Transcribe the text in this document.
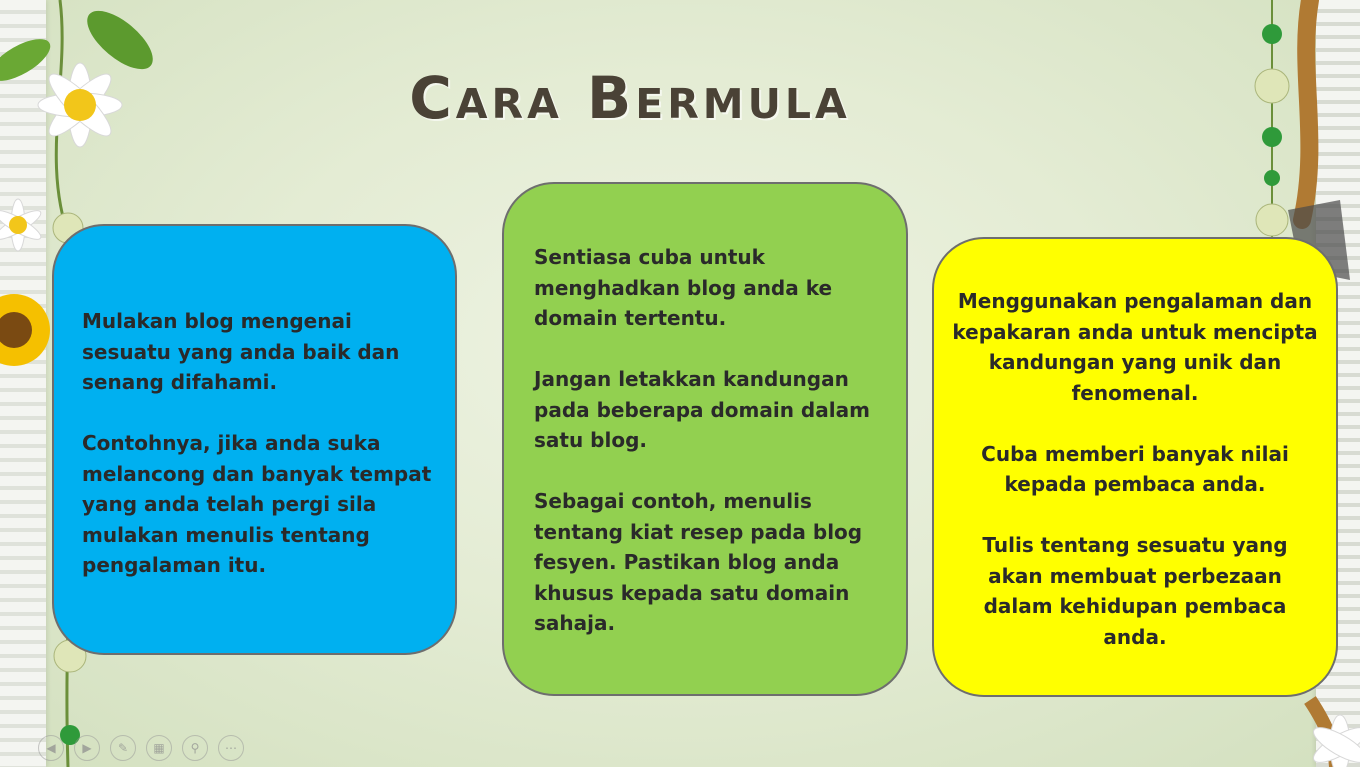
Cara Bermula

Mulakan blog mengenai sesuatu yang anda baik dan senang difahami.

Contohnya, jika anda suka melancong dan banyak tempat yang anda telah pergi sila mulakan menulis tentang pengalaman itu.

Sentiasa cuba untuk menghadkan blog anda ke domain tertentu.

Jangan letakkan kandungan pada beberapa domain dalam satu blog.

Sebagai contoh, menulis tentang kiat resep pada blog fesyen. Pastikan blog anda khusus kepada satu domain sahaja.

Menggunakan pengalaman dan kepakaran anda untuk mencipta kandungan yang unik dan fenomenal.

Cuba memberi banyak nilai kepada pembaca anda.

Tulis tentang sesuatu yang akan membuat perbezaan dalam kehidupan pembaca anda.

◀	▶	✎	▦	⚲	⋯
